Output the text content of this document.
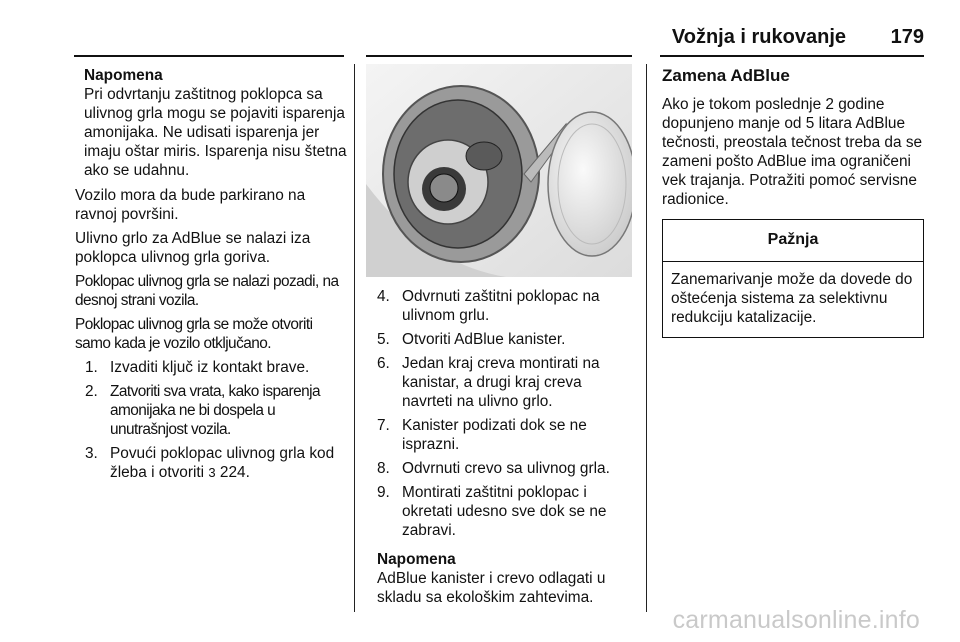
Vožnja i rukovanje 179
Napomena
Pri odvrtanju zaštitnog poklopca sa ulivnog grla mogu se pojaviti isparenja amonijaka. Ne udisati isparenja jer imaju oštar miris. Isparenja nisu štetna ako se udahnu.

Vozilo mora da bude parkirano na ravnoj površini.

Ulivno grlo za AdBlue se nalazi iza poklopca ulivnog grla goriva.

Poklopac ulivnog grla se nalazi pozadi, na desnoj strani vozila.

Poklopac ulivnog grla se može otvoriti samo kada je vozilo otključano.

1. Izvaditi ključ iz kontakt brave.
2. Zatvoriti sva vrata, kako isparenja amonijaka ne bi dospela u unutrašnjost vozila.
3. Povući poklopac ulivnog grla kod žleba i otvoriti 3 224.
4. Odvrnuti zaštitni poklopac na ulivnom grlu.
5. Otvoriti AdBlue kanister.
6. Jedan kraj creva montirati na kanistar, a drugi kraj creva navrteti na ulivno grlo.
7. Kanister podizati dok se ne isprazni.
8. Odvrnuti crevo sa ulivnog grla.
9. Montirati zaštitni poklopac i okretati udesno sve dok se ne zabravi.
Napomena
AdBlue kanister i crevo odlagati u skladu sa ekološkim zahtevima.
Zamena AdBlue

Ako je tokom poslednje 2 godine dopunjeno manje od 5 litara AdBlue tečnosti, preostala tečnost treba da se zameni pošto AdBlue ima ograničeni vek trajanja. Potražiti pomoć servisne radionice.

Pažnja
Zanemarivanje može da dovede do oštećenja sistema za selektivnu redukciju katalizacije.
carmanualsonline.info
